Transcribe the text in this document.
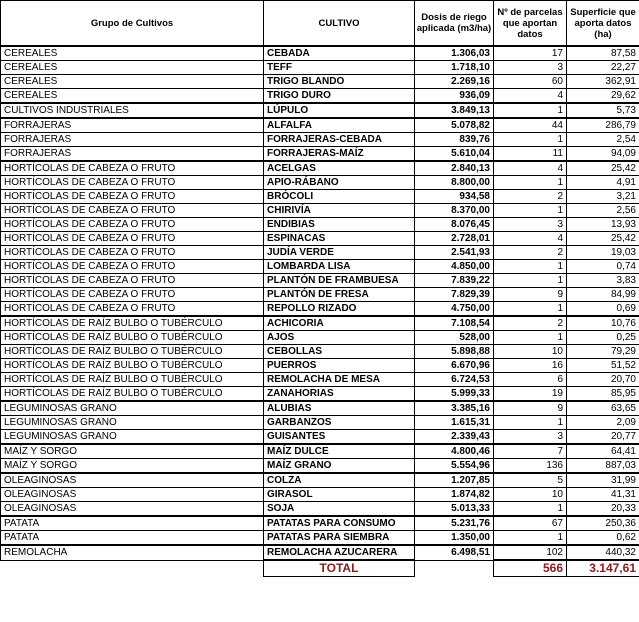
Grupo de Cultivos	CULTIVO	Dosis de riego aplicada (m3/ha)	Nº de parcelas que aportan datos	Superficie que aporta datos (ha)
CEREALES	CEBADA	1.306,03	17	87,58
CEREALES	TEFF	1.718,10	3	22,27
CEREALES	TRIGO BLANDO	2.269,16	60	362,91
CEREALES	TRIGO DURO	936,09	4	29,62
CULTIVOS INDUSTRIALES	LÚPULO	3.849,13	1	5,73
FORRAJERAS	ALFALFA	5.078,82	44	286,79
FORRAJERAS	FORRAJERAS-CEBADA	839,76	1	2,54
FORRAJERAS	FORRAJERAS-MAÍZ	5.610,04	11	94,09
HORTÍCOLAS DE CABEZA O FRUTO	ACELGAS	2.840,13	4	25,42
HORTÍCOLAS DE CABEZA O FRUTO	APIO-RÁBANO	8.800,00	1	4,91
HORTÍCOLAS DE CABEZA O FRUTO	BRÓCOLI	934,58	2	3,21
HORTÍCOLAS DE CABEZA O FRUTO	CHIRIVÍA	8.370,00	1	2,56
HORTÍCOLAS DE CABEZA O FRUTO	ENDIBIAS	8.076,45	3	13,93
HORTÍCOLAS DE CABEZA O FRUTO	ESPINACAS	2.728,01	4	25,42
HORTÍCOLAS DE CABEZA O FRUTO	JUDÍA VERDE	2.541,93	2	19,03
HORTÍCOLAS DE CABEZA O FRUTO	LOMBARDA LISA	4.850,00	1	0,74
HORTÍCOLAS DE CABEZA O FRUTO	PLANTÓN DE FRAMBUESA	7.839,22	1	3,83
HORTÍCOLAS DE CABEZA O FRUTO	PLANTÓN DE FRESA	7.829,39	9	84,99
HORTÍCOLAS DE CABEZA O FRUTO	REPOLLO RIZADO	4.750,00	1	0,69
HORTÍCOLAS DE RAÍZ BULBO O TUBÉRCULO	ACHICORIA	7.108,54	2	10,76
HORTÍCOLAS DE RAÍZ BULBO O TUBÉRCULO	AJOS	528,00	1	0,25
HORTÍCOLAS DE RAÍZ BULBO O TUBÉRCULO	CEBOLLAS	5.898,88	10	79,29
HORTÍCOLAS DE RAÍZ BULBO O TUBÉRCULO	PUERROS	6.670,96	16	51,52
HORTÍCOLAS DE RAÍZ BULBO O TUBÉRCULO	REMOLACHA DE MESA	6.724,53	6	20,70
HORTÍCOLAS DE RAÍZ BULBO O TUBÉRCULO	ZANAHORIAS	5.999,33	19	85,95
LEGUMINOSAS GRANO	ALUBIAS	3.385,16	9	63,65
LEGUMINOSAS GRANO	GARBANZOS	1.615,31	1	2,09
LEGUMINOSAS GRANO	GUISANTES	2.339,43	3	20,77
MAÍZ Y SORGO	MAÍZ DULCE	4.800,46	7	64,41
MAÍZ Y SORGO	MAÍZ GRANO	5.554,96	136	887,03
OLEAGINOSAS	COLZA	1.207,85	5	31,99
OLEAGINOSAS	GIRASOL	1.874,82	10	41,31
OLEAGINOSAS	SOJA	5.013,33	1	20,33
PATATA	PATATAS PARA CONSUMO	5.231,76	67	250,36
PATATA	PATATAS PARA SIEMBRA	1.350,00	1	0,62
REMOLACHA	REMOLACHA AZUCARERA	6.498,51	102	440,32
	TOTAL		566	3.147,61
